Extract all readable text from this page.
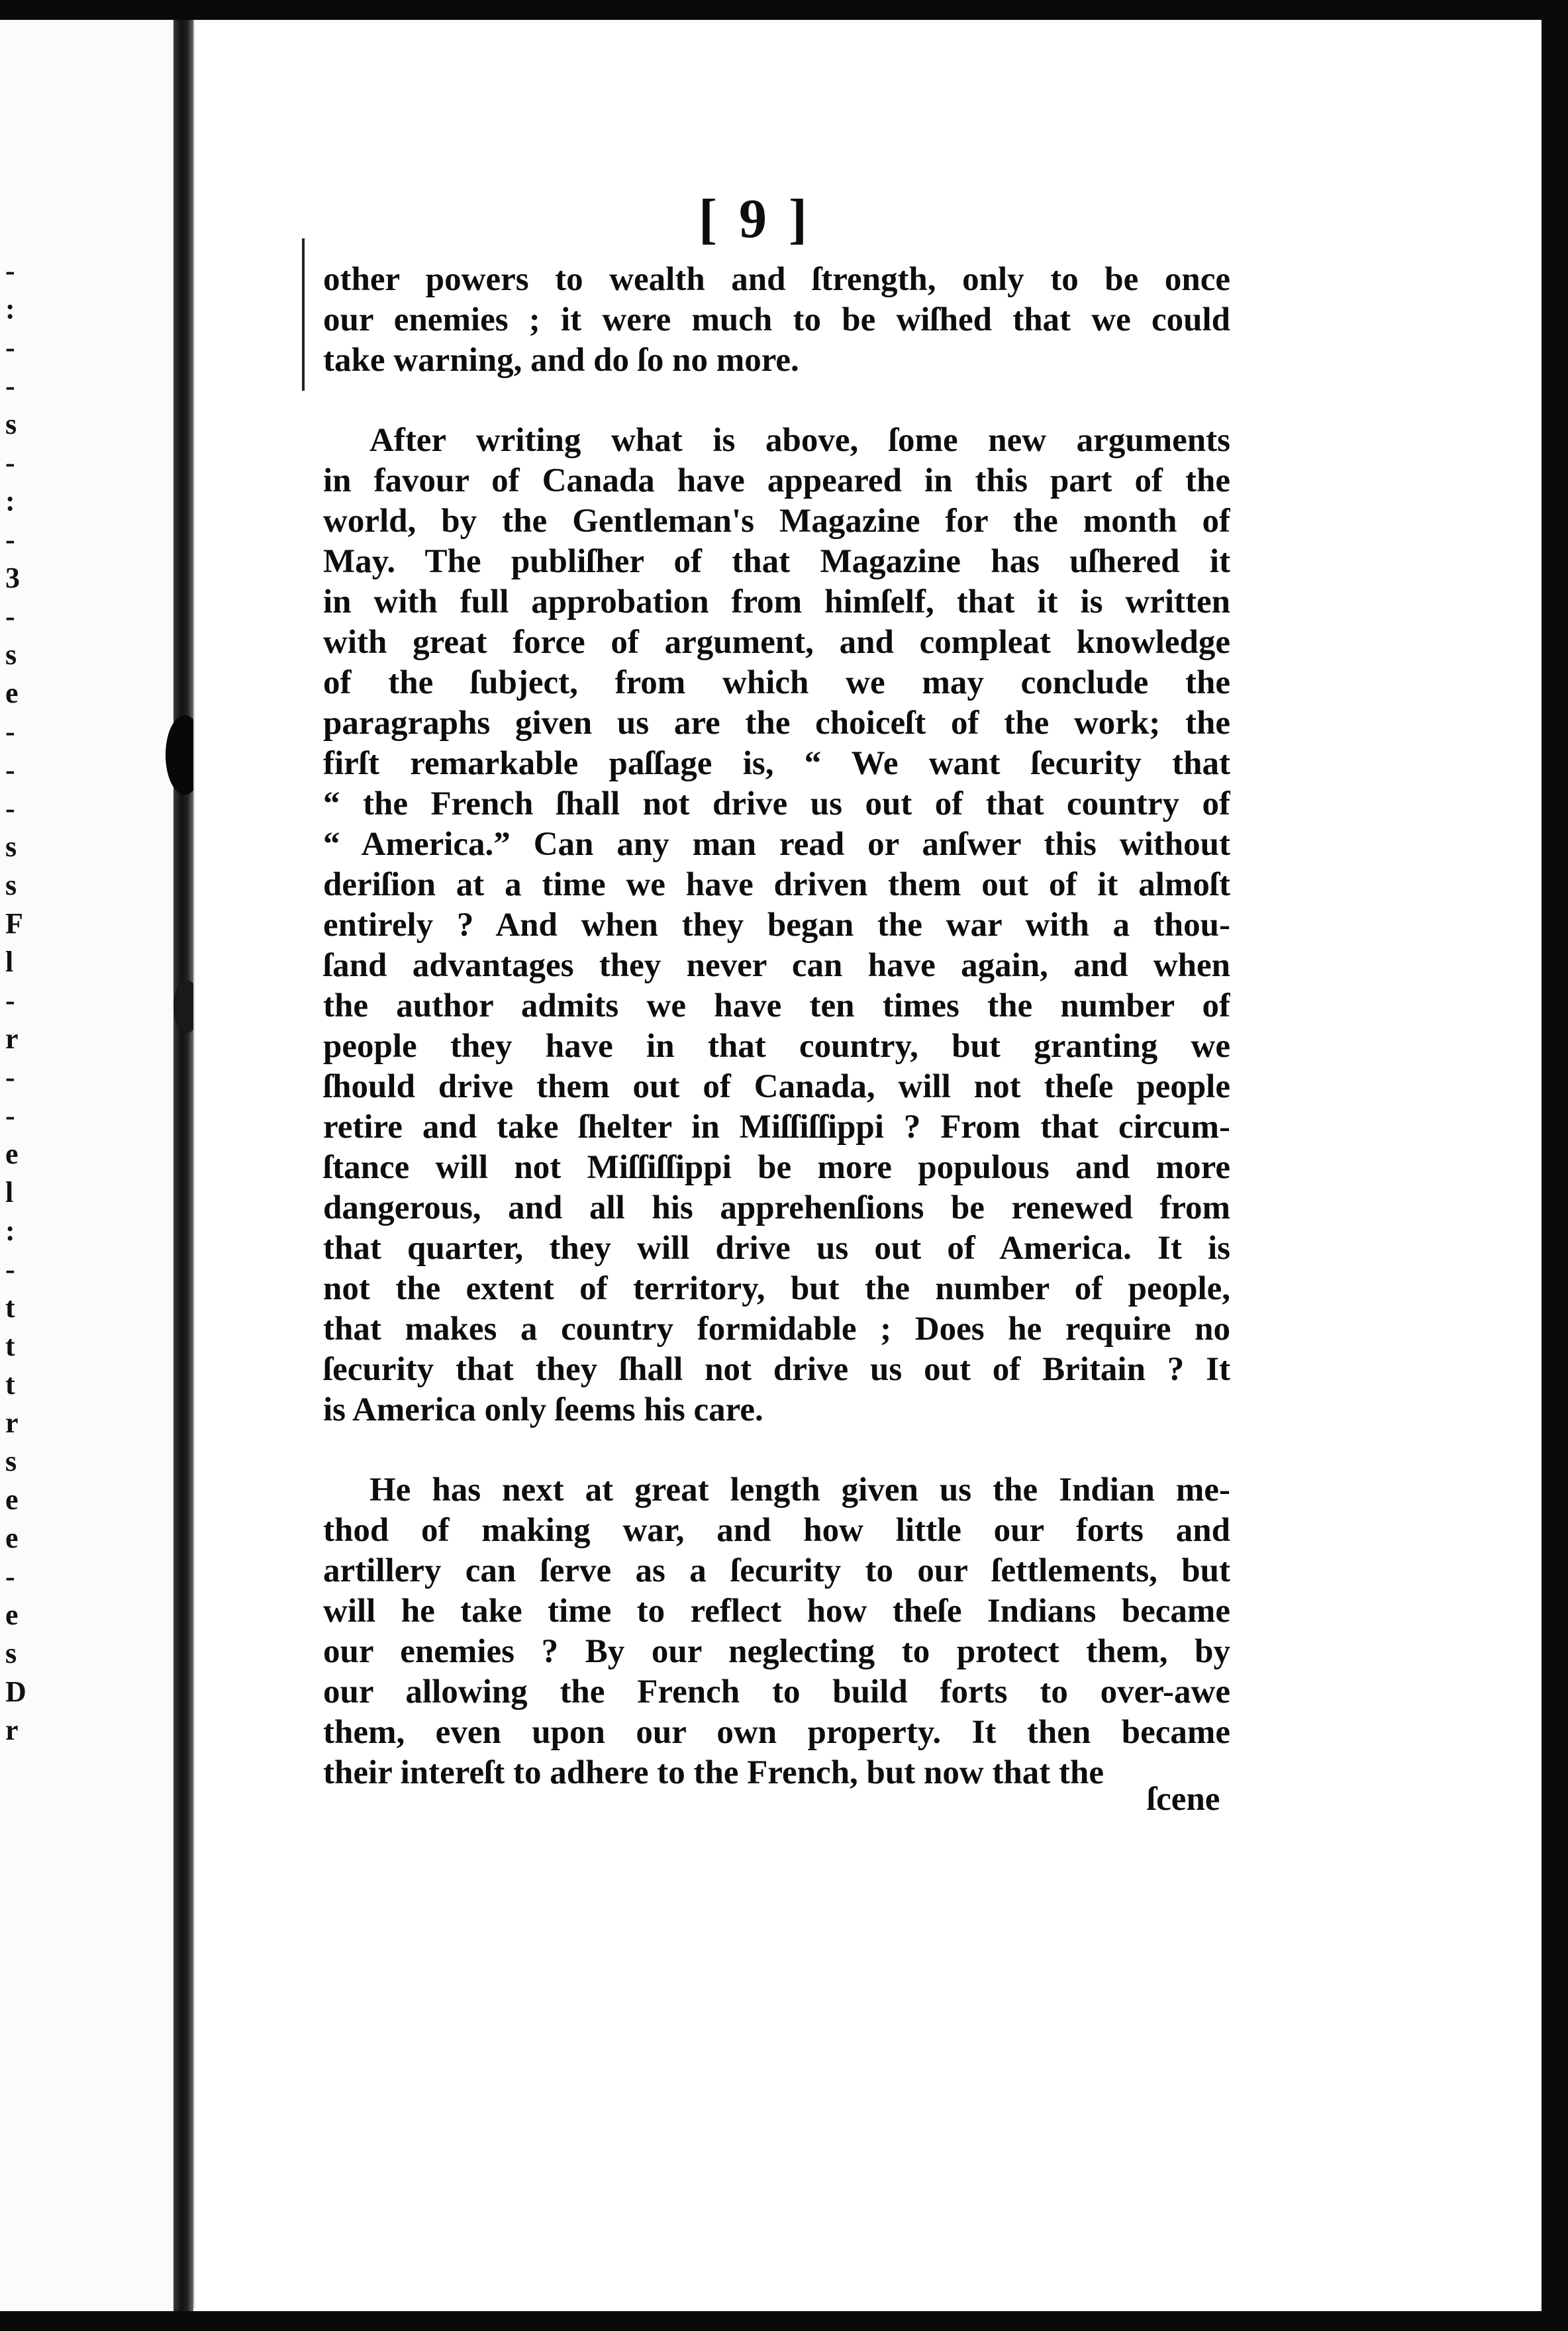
-
:
-
-
s
-
:
-
3
-
s
e
-
-
-
s
s
F
l
-
r
-
-
e
l
:
-
t
t
t
r
s
e
e
-
e
s
D
r
[ 9 ]
other powers to wealth and ſtrength, only to be once
our enemies ; it were much to be wiſhed that we could
take warning, and do ſo no more.
After writing what is above, ſome new arguments
in favour of Canada have appeared in this part of the
world, by the Gentleman's Magazine for the month of
May. The publiſher of that Magazine has uſhered it
in with full approbation from himſelf, that it is written
with great force of argument, and compleat knowledge
of the ſubject, from which we may conclude the
paragraphs given us are the choiceſt of the work; the
firſt remarkable paſſage is, “ We want ſecurity that
“ the French ſhall not drive us out of that country of
“ America.” Can any man read or anſwer this without
deriſion at a time we have driven them out of it almoſt
entirely ? And when they began the war with a thou-
ſand advantages they never can have again, and when
the author admits we have ten times the number of
people they have in that country, but granting we
ſhould drive them out of Canada, will not theſe people
retire and take ſhelter in Miſſiſſippi ? From that circum-
ſtance will not Miſſiſſippi be more populous and more
dangerous, and all his apprehenſions be renewed from
that quarter, they will drive us out of America. It is
not the extent of territory, but the number of people,
that makes a country formidable ; Does he require no
ſecurity that they ſhall not drive us out of Britain ? It
is America only ſeems his care.
He has next at great length given us the Indian me-
thod of making war, and how little our forts and
artillery can ſerve as a ſecurity to our ſettlements, but
will he take time to reflect how theſe Indians became
our enemies ? By our neglecting to protect them, by
our allowing the French to build forts to over-awe
them, even upon our own property. It then became
their intereſt to adhere to the French, but now that the
ſcene
